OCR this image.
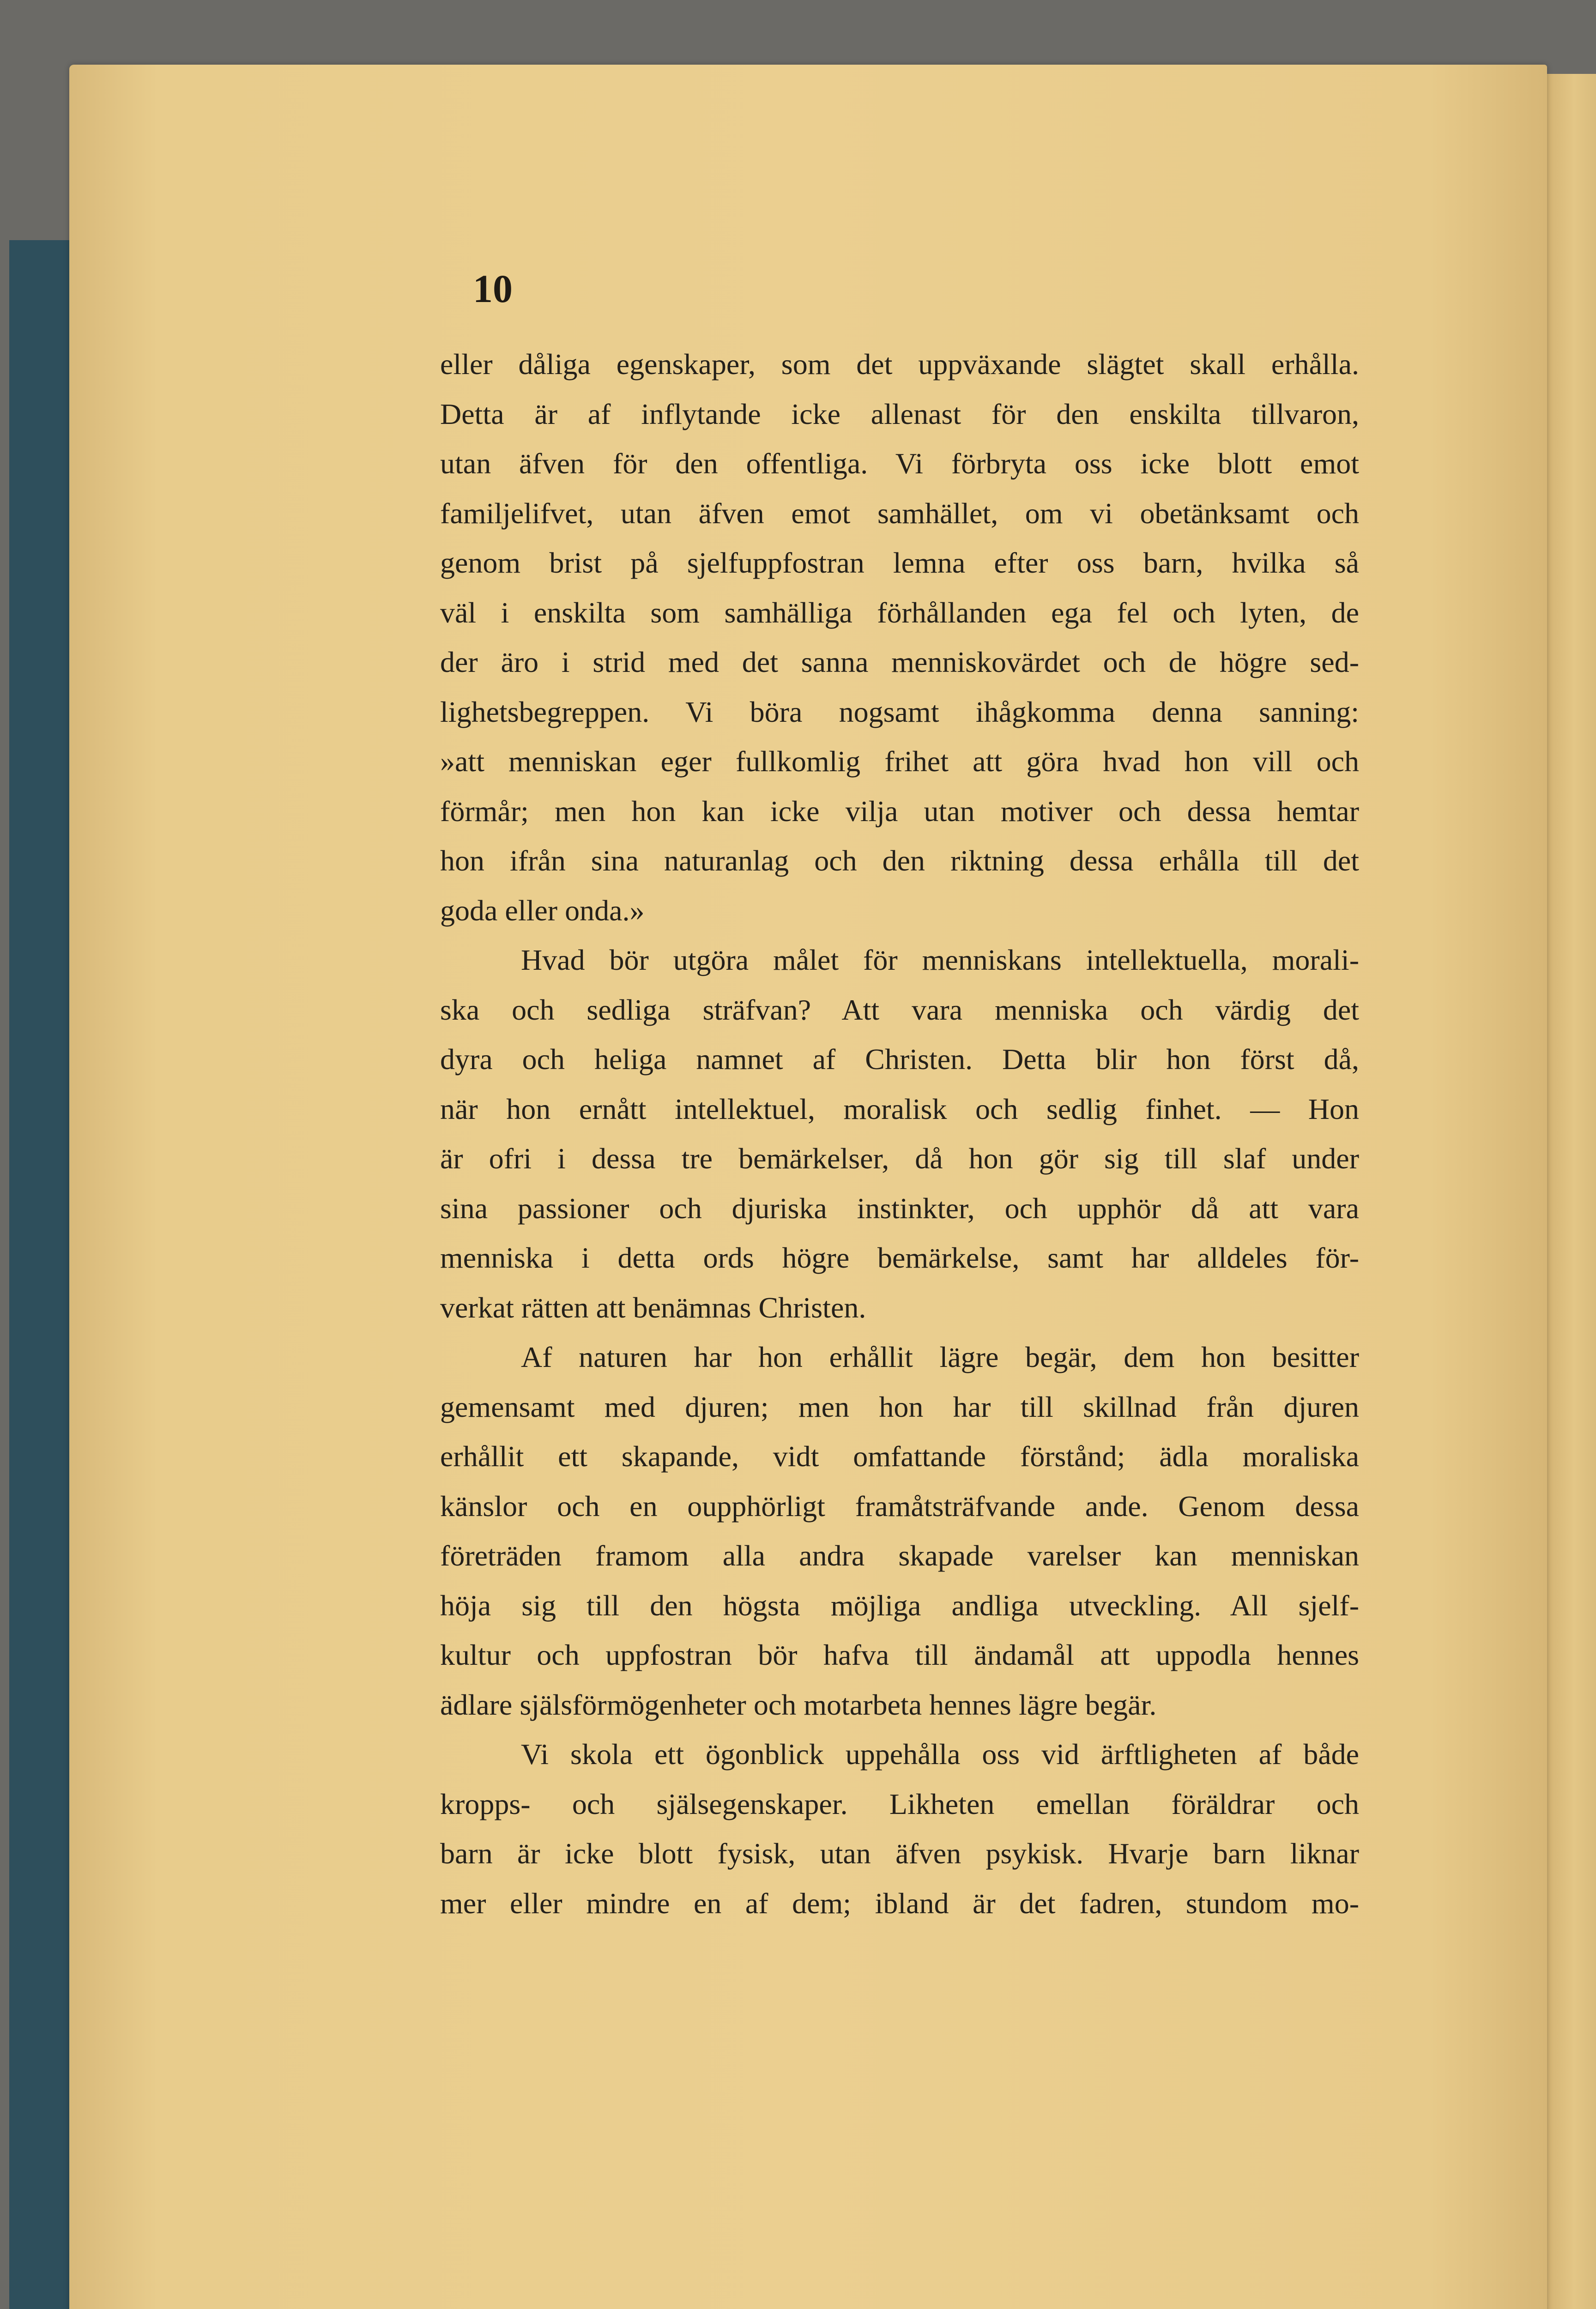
10
eller dåliga egenskaper, som det uppväxande slägtet skall erhålla.
Detta är af inflytande icke allenast för den enskilta tillvaron,
utan äfven för den offentliga. Vi förbryta oss icke blott emot
familjelifvet, utan äfven emot samhället, om vi obetänksamt och
genom brist på sjelfuppfostran lemna efter oss barn, hvilka så
väl i enskilta som samhälliga förhållanden ega fel och lyten, de
der äro i strid med det sanna menniskovärdet och de högre sed-
lighetsbegreppen. Vi böra nogsamt ihågkomma denna sanning:
»att menniskan eger fullkomlig frihet att göra hvad hon vill och
förmår; men hon kan icke vilja utan motiver och dessa hemtar
hon ifrån sina naturanlag och den riktning dessa erhålla till det
goda eller onda.»
Hvad bör utgöra målet för menniskans intellektuella, morali-
ska och sedliga sträfvan? Att vara menniska och värdig det
dyra och heliga namnet af Christen. Detta blir hon först då,
när hon ernått intellektuel, moralisk och sedlig finhet. — Hon
är ofri i dessa tre bemärkelser, då hon gör sig till slaf under
sina passioner och djuriska instinkter, och upphör då att vara
menniska i detta ords högre bemärkelse, samt har alldeles för-
verkat rätten att benämnas Christen.
Af naturen har hon erhållit lägre begär, dem hon besitter
gemensamt med djuren; men hon har till skillnad från djuren
erhållit ett skapande, vidt omfattande förstånd; ädla moraliska
känslor och en oupphörligt framåtsträfvande ande. Genom dessa
företräden framom alla andra skapade varelser kan menniskan
höja sig till den högsta möjliga andliga utveckling. All sjelf-
kultur och uppfostran bör hafva till ändamål att uppodla hennes
ädlare själsförmögenheter och motarbeta hennes lägre begär.
Vi skola ett ögonblick uppehålla oss vid ärftligheten af både
kropps- och själsegenskaper. Likheten emellan föräldrar och
barn är icke blott fysisk, utan äfven psykisk. Hvarje barn liknar
mer eller mindre en af dem; ibland är det fadren, stundom mo-
